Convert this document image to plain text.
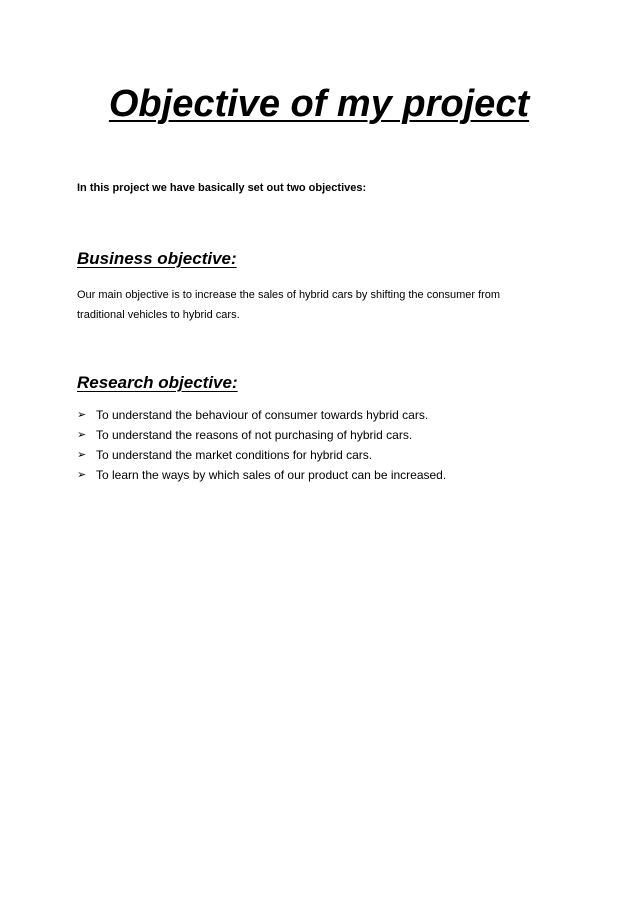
Objective of my project

In this project we have basically set out two objectives:

Business objective:

Our main objective is to increase the sales of hybrid cars by shifting the consumer from traditional vehicles to hybrid cars.

Research objective:
➢ To understand the behaviour of consumer towards hybrid cars.
➢ To understand the reasons of not purchasing of hybrid cars.
➢ To understand the market conditions for hybrid cars.
➢ To learn the ways by which sales of our product can be increased.
